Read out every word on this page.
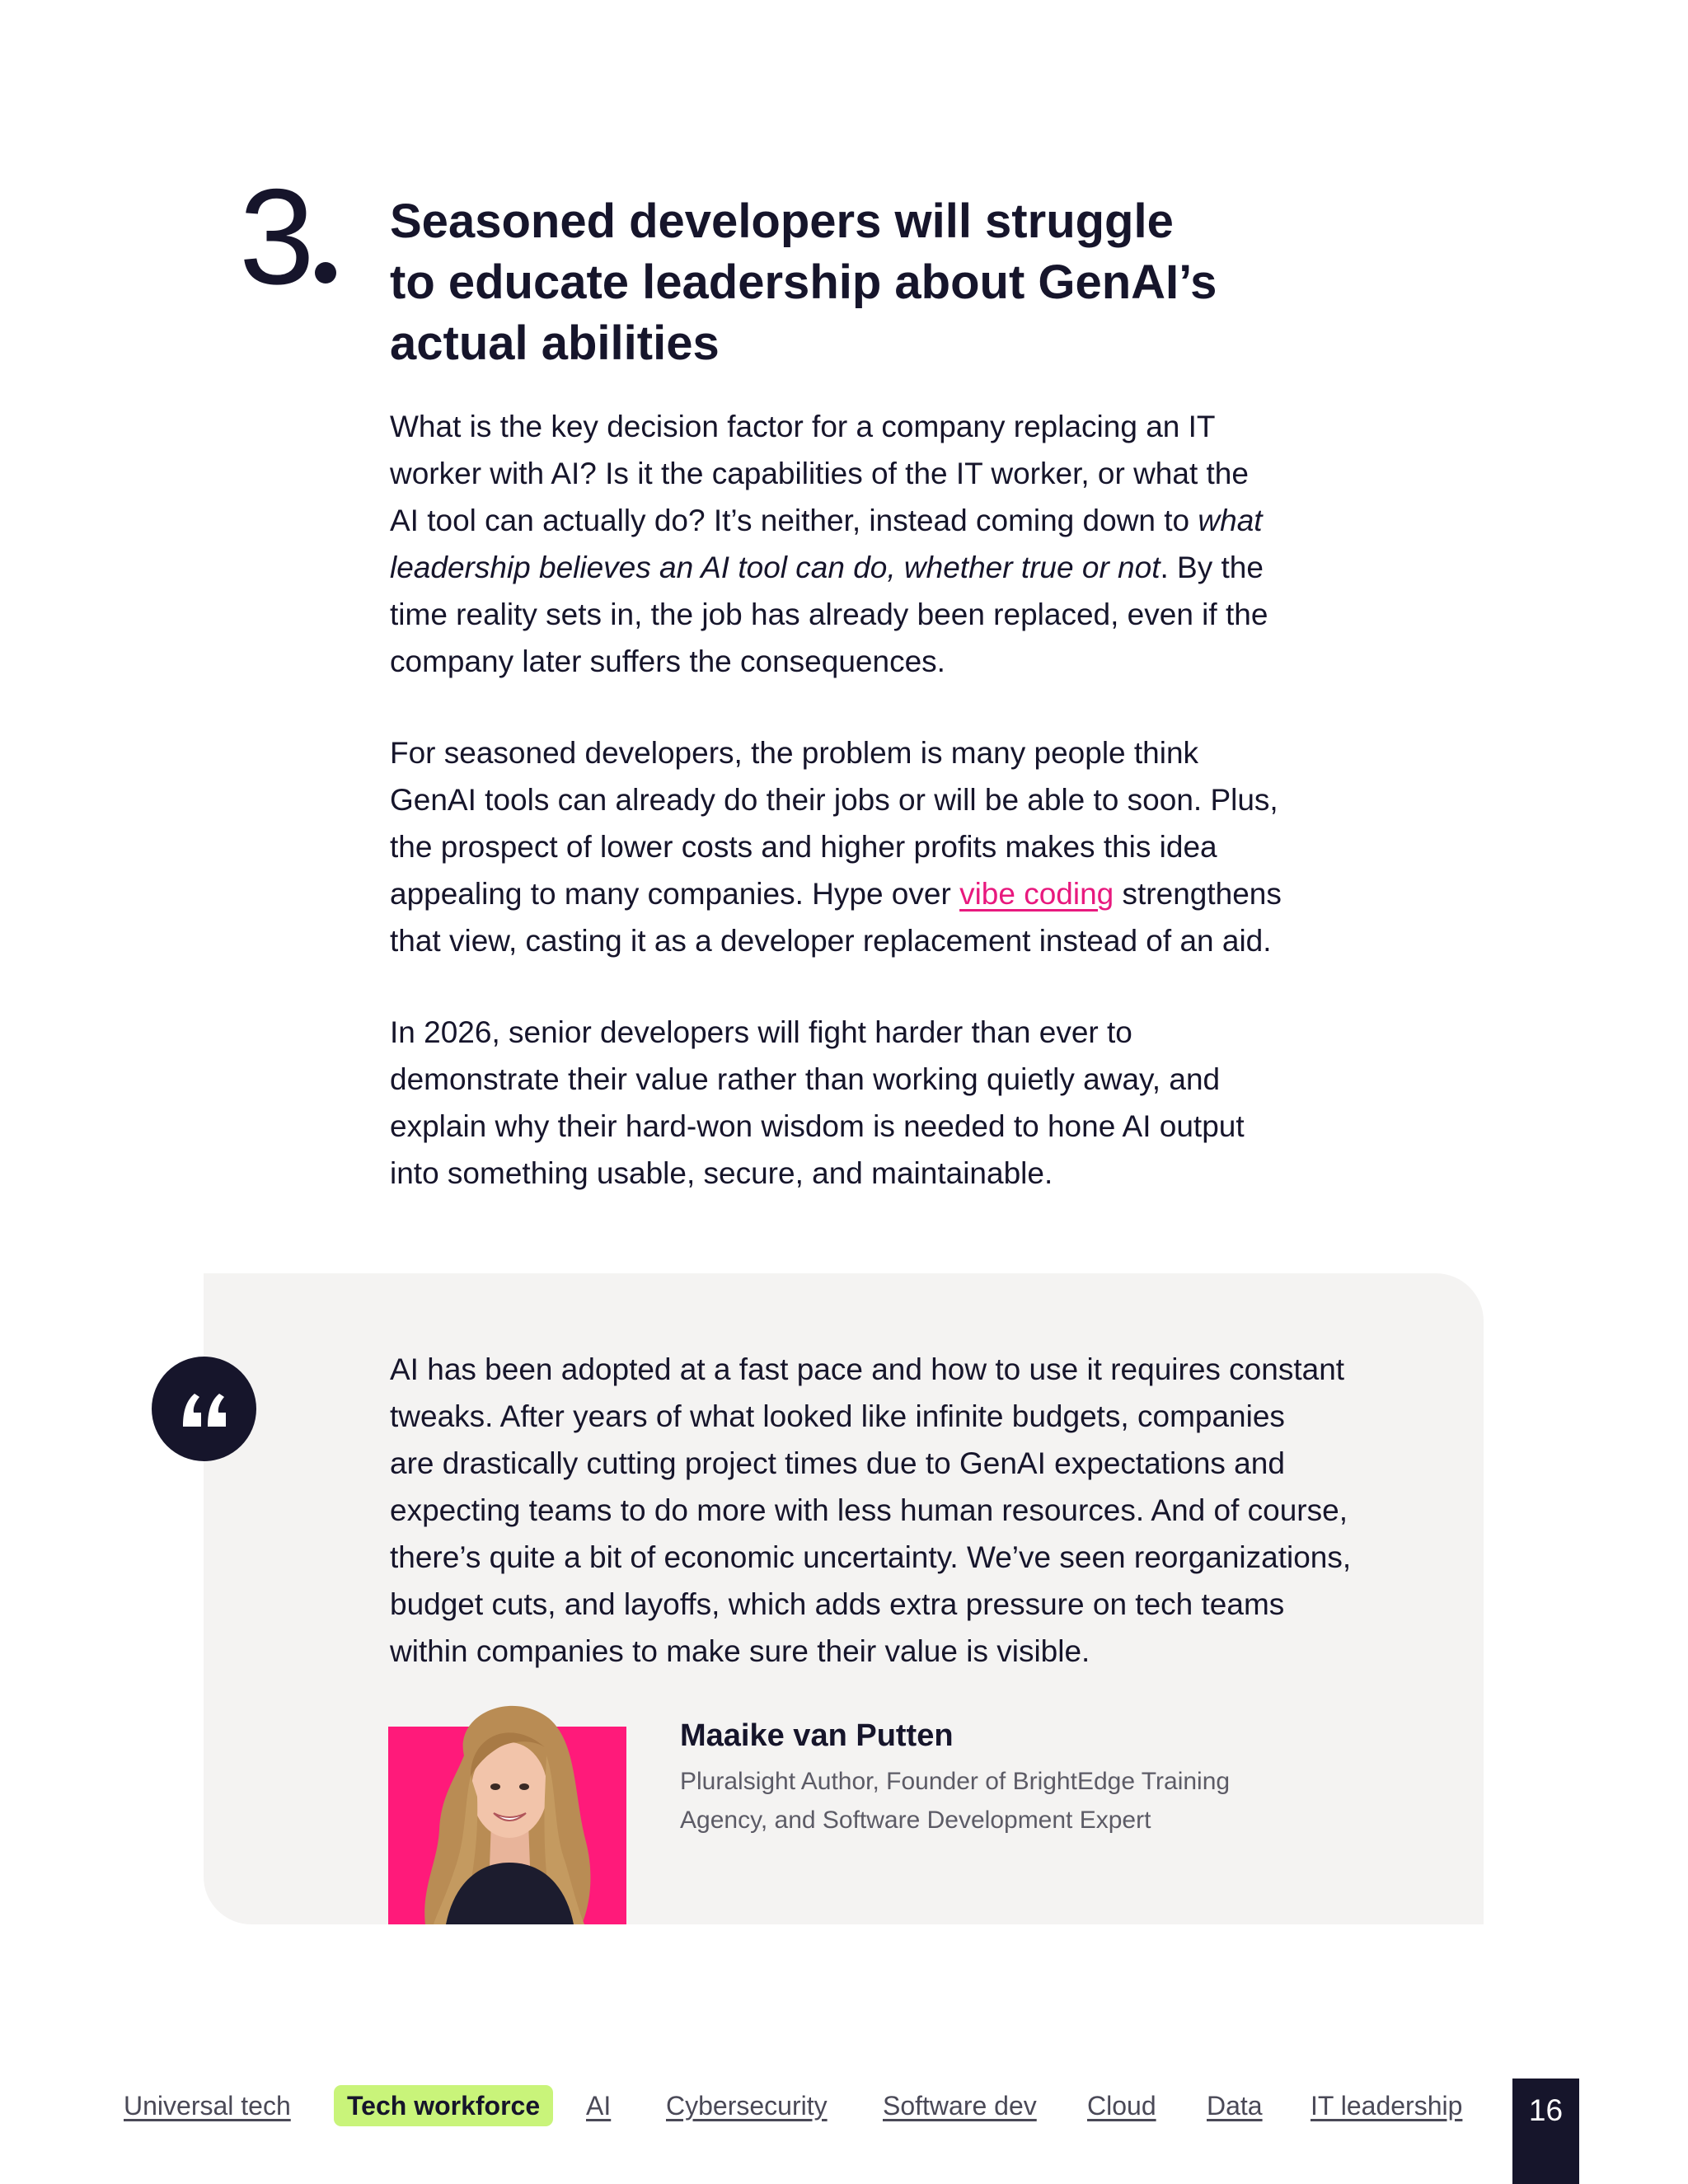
3	Seasoned developers will struggle
to educate leadership about GenAI’s
actual abilities

What is the key decision factor for a company replacing an IT
worker with AI? Is it the capabilities of the IT worker, or what the
AI tool can actually do? It’s neither, instead coming down to what
leadership believes an AI tool can do, whether true or not. By the
time reality sets in, the job has already been replaced, even if the
company later suffers the consequences.

For seasoned developers, the problem is many people think
GenAI tools can already do their jobs or will be able to soon. Plus,
the prospect of lower costs and higher profits makes this idea
appealing to many companies. Hype over vibe coding strengthens
that view, casting it as a developer replacement instead of an aid.

In 2026, senior developers will fight harder than ever to
demonstrate their value rather than working quietly away, and
explain why their hard-won wisdom is needed to hone AI output
into something usable, secure, and maintainable.

AI has been adopted at a fast pace and how to use it requires constant
tweaks. After years of what looked like infinite budgets, companies
are drastically cutting project times due to GenAI expectations and
expecting teams to do more with less human resources. And of course,
there’s quite a bit of economic uncertainty. We’ve seen reorganizations,
budget cuts, and layoffs, which adds extra pressure on tech teams
within companies to make sure their value is visible.

Maaike van Putten
Pluralsight Author, Founder of BrightEdge Training
Agency, and Software Development Expert
Universal tech	Tech workforce	AI Cybersecurity Software dev Cloud Data IT leadership	16
